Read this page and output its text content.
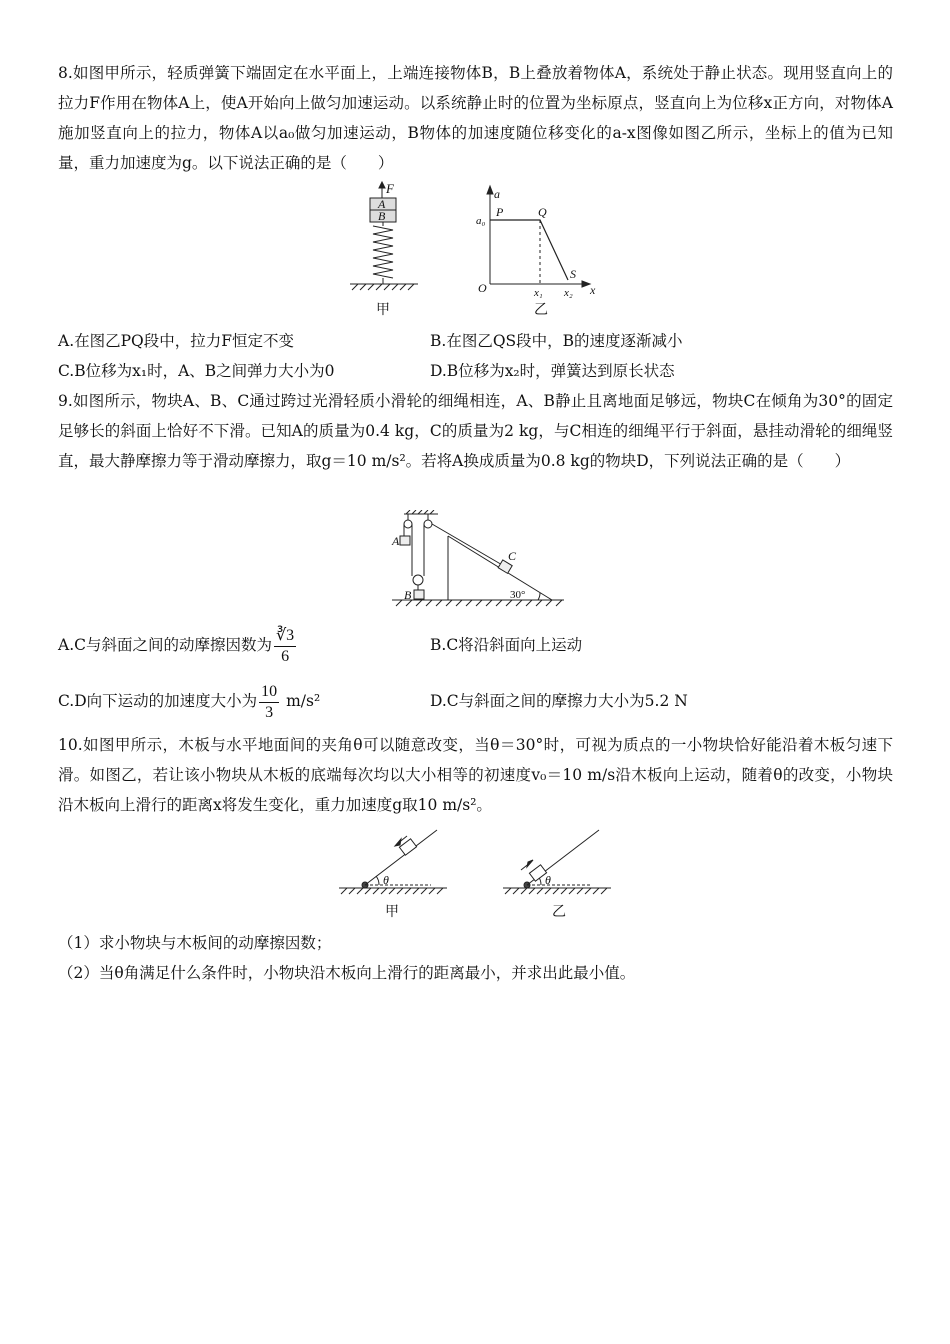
8.如图甲所示，轻质弹簧下端固定在水平面上，上端连接物体B，B上叠放着物体A，系统处于静止状态。现用竖直向上的拉力F作用在物体A上，使A开始向上做匀加速运动。以系统静止时的位置为坐标原点，竖直向上为位移x正方向，对物体A施加竖直向上的拉力，物体A以a₀做匀加速运动，B物体的加速度随位移变化的a-x图像如图乙所示，坐标上的值为已知量，重力加速度为g。以下说法正确的是（　　）
F
A
B
甲
a
a₀
P	Q
S
O	x₁ x₂ x
乙
A.在图乙PQ段中，拉力F恒定不变	B.在图乙QS段中，B的速度逐渐减小
C.B位移为x₁时，A、B之间弹力大小为0	D.B位移为x₂时，弹簧达到原长状态
9.如图所示，物块A、B、C通过跨过光滑轻质小滑轮的细绳相连，A、B静止且离地面足够远，物块C在倾角为30°的固定足够长的斜面上恰好不下滑。已知A的质量为0.4 kg，C的质量为2 kg，与C相连的细绳平行于斜面，悬挂动滑轮的细绳竖直，最大静摩擦力等于滑动摩擦力，取g＝10 m/s²。若将A换成质量为0.8 kg的物块D，下列说法正确的是（　　）
A
B
C
30°
A.C与斜面之间的动摩擦因数为 $\frac{∛3}{6}$	B.C将沿斜面向上运动
C.D向下运动的加速度大小为 $\frac{10}{3} m/s^2$	D.C与斜面之间的摩擦力大小为5.2 N
10.如图甲所示，木板与水平地面间的夹角θ可以随意改变，当θ＝30°时，可视为质点的一小物块恰好能沿着木板匀速下滑。如图乙，若让该小物块从木板的底端每次均以大小相等的初速度v₀＝10 m/s沿木板向上运动，随着θ的改变，小物块沿木板向上滑行的距离x将发生变化，重力加速度g取10 m/s²。
θ
甲
θ
乙
（1）求小物块与木板间的动摩擦因数；
（2）当θ角满足什么条件时，小物块沿木板向上滑行的距离最小，并求出此最小值。
